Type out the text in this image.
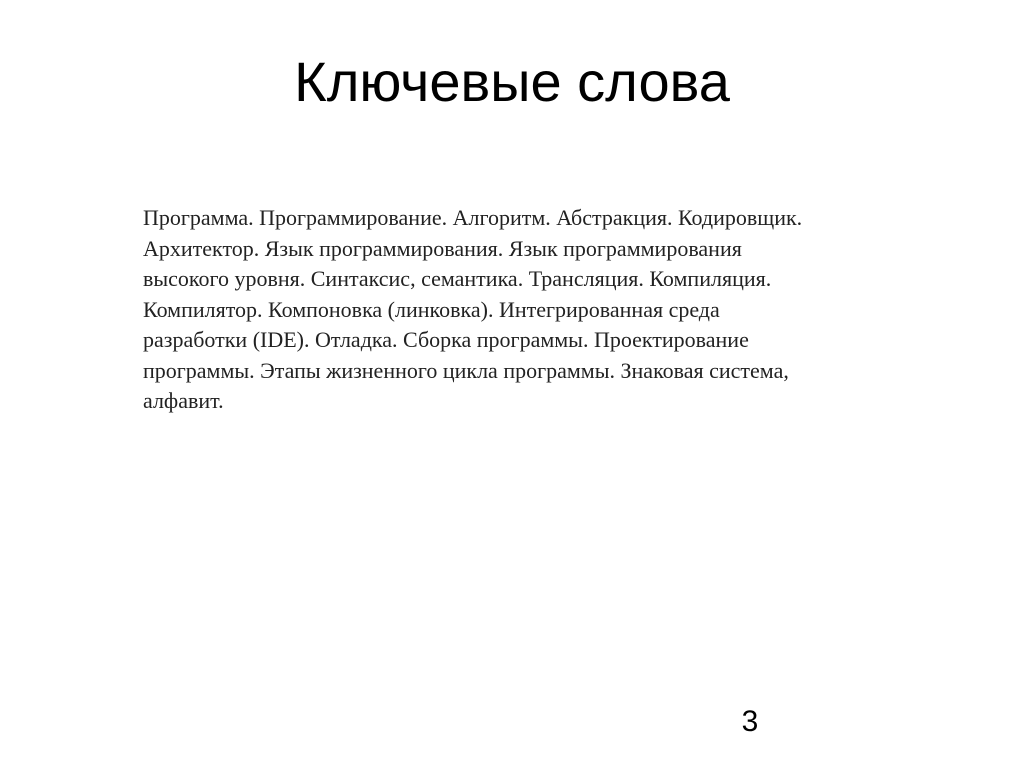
Ключевые слова
Программа. Программирование. Алгоритм. Абстракция. Кодировщик.
Архитектор. Язык программирования. Язык программирования
высокого уровня. Синтаксис, семантика. Трансляция. Компиляция.
Компилятор. Компоновка (линковка). Интегрированная среда
разработки (IDE). Отладка. Сборка программы. Проектирование
программы. Этапы жизненного цикла программы. Знаковая система,
алфавит.
3
